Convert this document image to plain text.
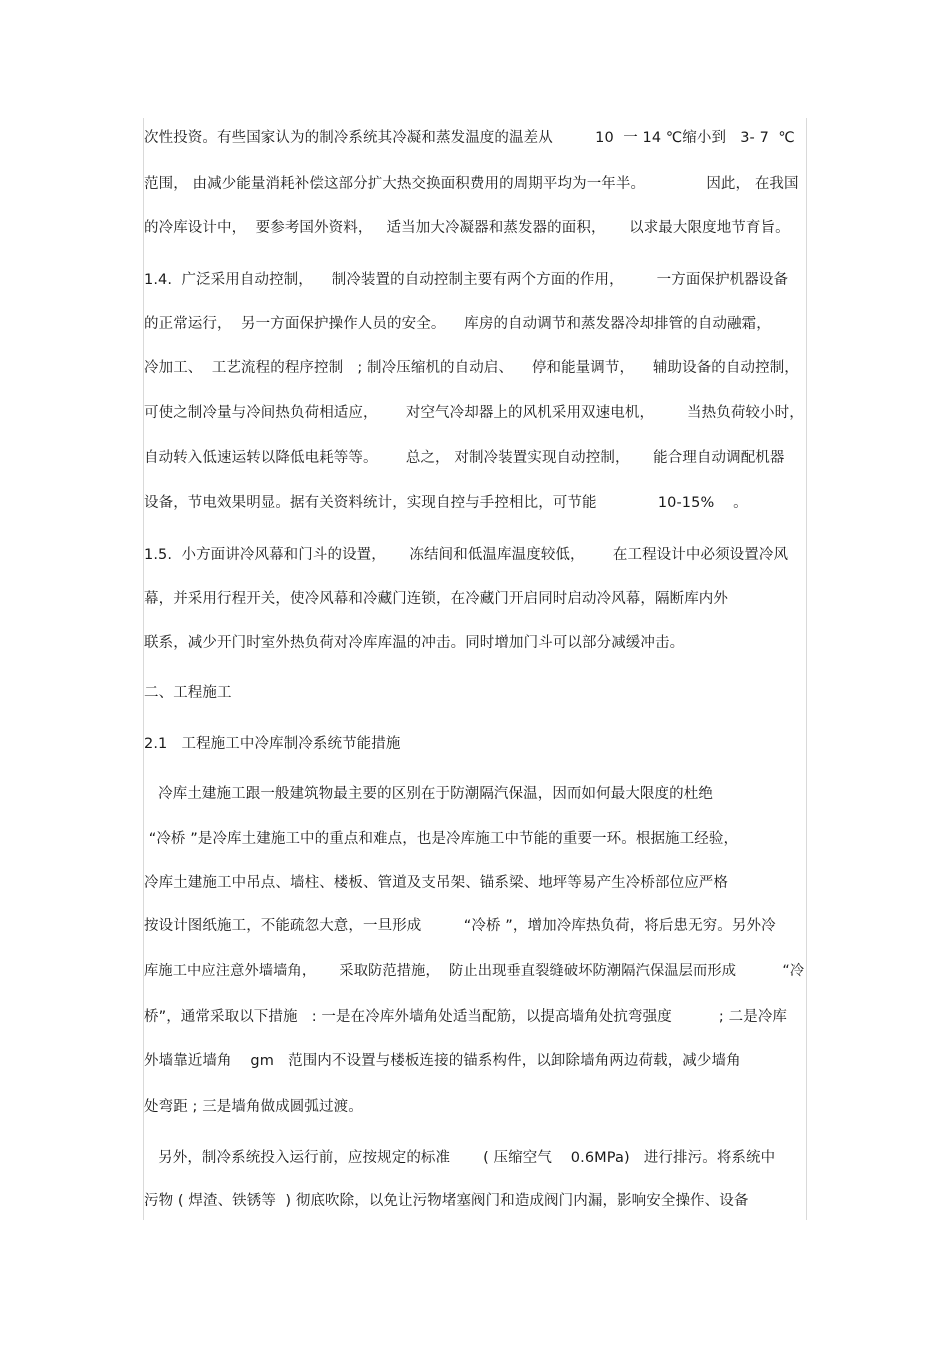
次性投资。有些国家认为的制冷系统其冷凝和蒸发温度的温差从         10  一 14 ℃缩小到   3- 7  ℃
范围， 由减少能量消耗补偿这部分扩大热交换面积费用的周期平均为一年半。             因此， 在我国
的冷库设计中，  要参考国外资料，   适当加大冷凝器和蒸发器的面积，     以求最大限度地节育旨。
1.4.  广泛采用自动控制，    制冷装置的自动控制主要有两个方面的作用，       一方面保护机器设备
的正常运行，  另一方面保护操作人员的安全。    库房的自动调节和蒸发器冷却排管的自动融霜，
冷加工、  工艺流程的程序控制   ; 制冷压缩机的自动启、    停和能量调节，    辅助设备的自动控制，
可使之制冷量与冷间热负荷相适应，      对空气冷却器上的风机采用双速电机，       当热负荷较小时，
自动转入低速运转以降低电耗等等。      总之， 对制冷装置实现自动控制，     能合理自动调配机器
设备，节电效果明显。据有关资料统计，实现自控与手控相比，可节能             10-15%    。
1.5.  小方面讲冷风幕和门斗的设置，     冻结间和低温库温度较低，      在工程设计中必须设置冷风
幕，并采用行程开关，使冷风幕和冷藏门连锁，在冷藏门开启同时启动冷风幕，隔断库内外
联系，减少开门时室外热负荷对冷库库温的冲击。同时增加门斗可以部分减缓冲击。
二、工程施工
2.1   工程施工中冷库制冷系统节能措施
冷库土建施工跟一般建筑物最主要的区别在于防潮隔汽保温，因而如何最大限度的杜绝
“冷桥 ”是冷库土建施工中的重点和难点，也是冷库施工中节能的重要一环。根据施工经验，
冷库土建施工中吊点、墙柱、楼板、管道及支吊架、锚系梁、地坪等易产生冷桥部位应严格
按设计图纸施工，不能疏忽大意，一旦形成         “冷桥 ”，增加冷库热负荷，将后患无穷。另外冷
库施工中应注意外墙墙角，     采取防范措施，  防止出现垂直裂缝破坏防潮隔汽保温层而形成          “冷
桥”，通常采取以下措施   : 一是在冷库外墙角处适当配筋，以提高墙角处抗弯强度          ; 二是冷库
外墙靠近墙角    gm   范围内不设置与楼板连接的锚系构件，以卸除墙角两边荷载，减少墙角
处弯距 ; 三是墙角做成圆弧过渡。
另外，制冷系统投入运行前，应按规定的标准       ( 压缩空气    0.6MPa)   进行排污。将系统中
污物 ( 焊渣、铁锈等  ) 彻底吹除，以免让污物堵塞阀门和造成阀门内漏，影响安全操作、设备
